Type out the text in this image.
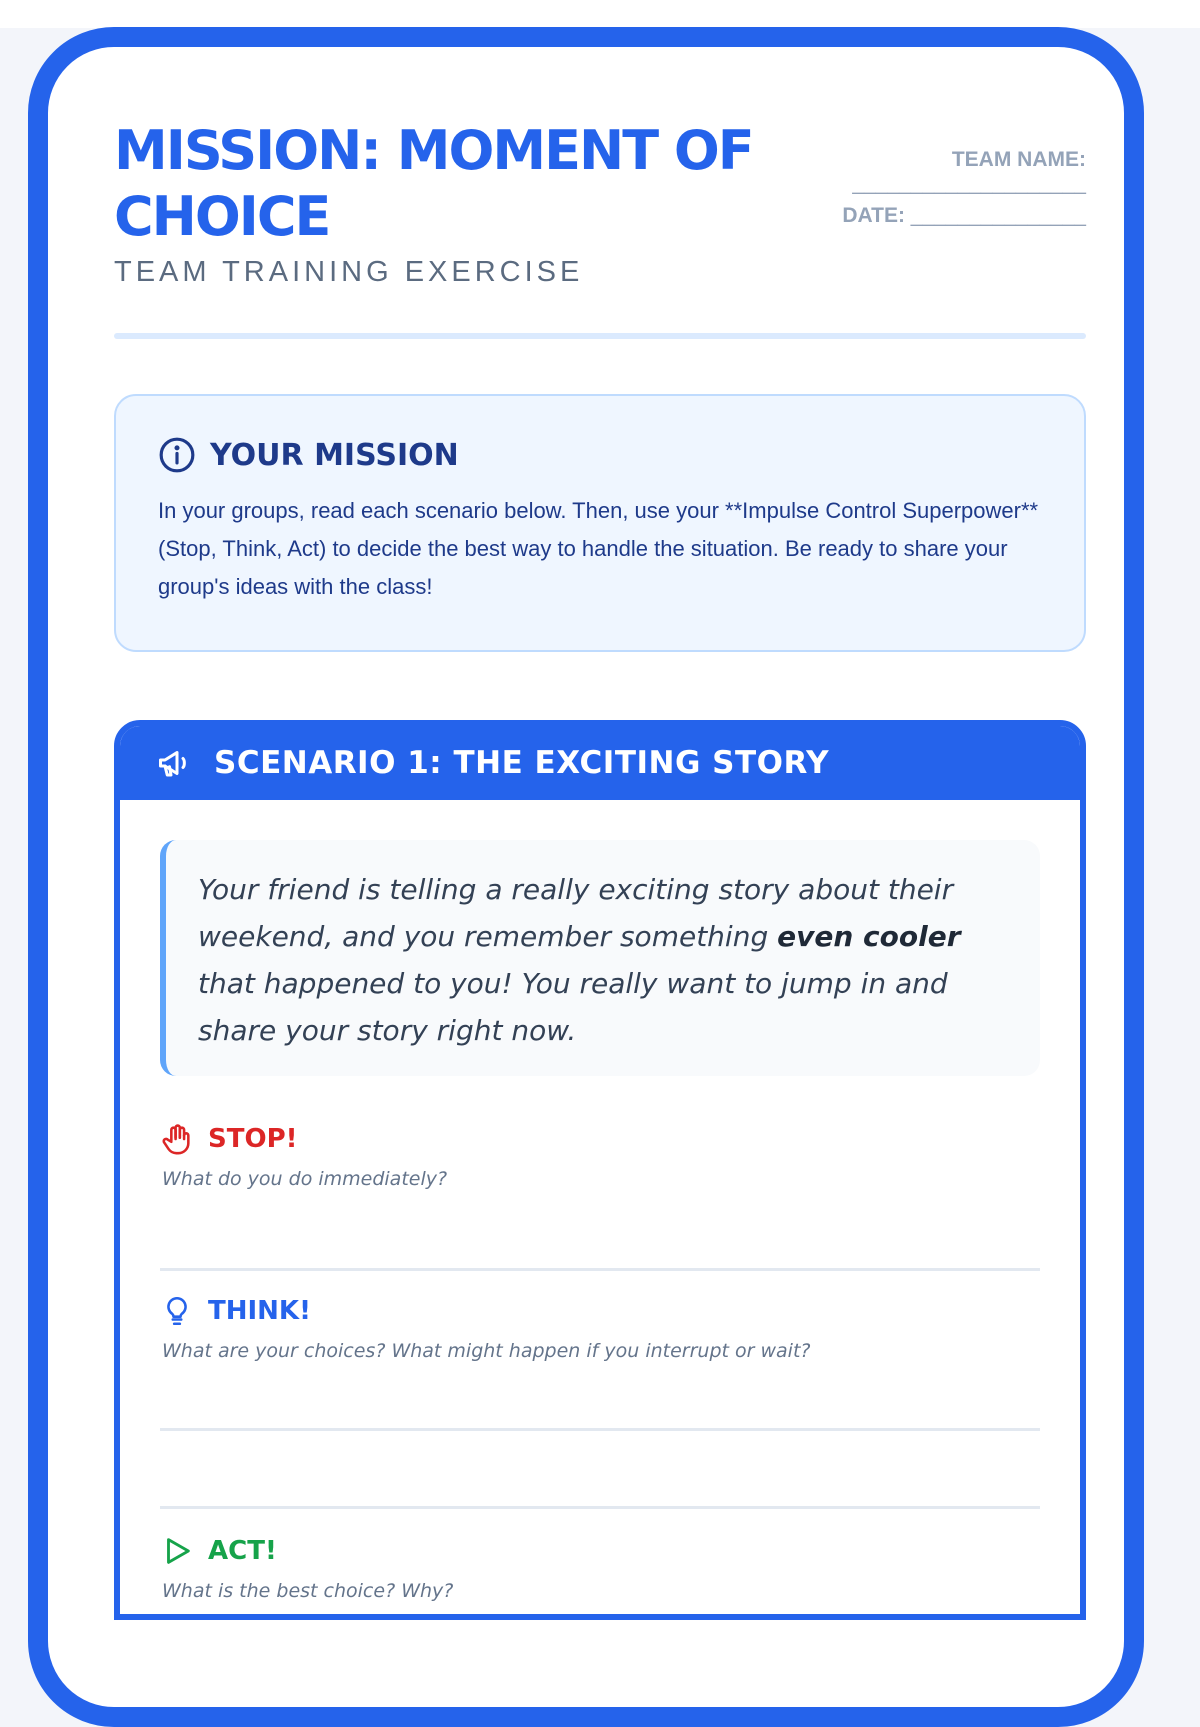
MISSION: MOMENT OF CHOICE
TEAM TRAINING EXERCISE
TEAM NAME:
____________________
DATE: _______________
YOUR MISSION
In your groups, read each scenario below. Then, use your **Impulse Control Superpower** (Stop, Think, Act) to decide the best way to handle the situation. Be ready to share your group's ideas with the class!
SCENARIO 1: THE EXCITING STORY
Your friend is telling a really exciting story about their weekend, and you remember something even cooler that happened to you! You really want to jump in and share your story right now.
STOP!
What do you do immediately?
THINK!
What are your choices? What might happen if you interrupt or wait?
ACT!
What is the best choice? Why?
